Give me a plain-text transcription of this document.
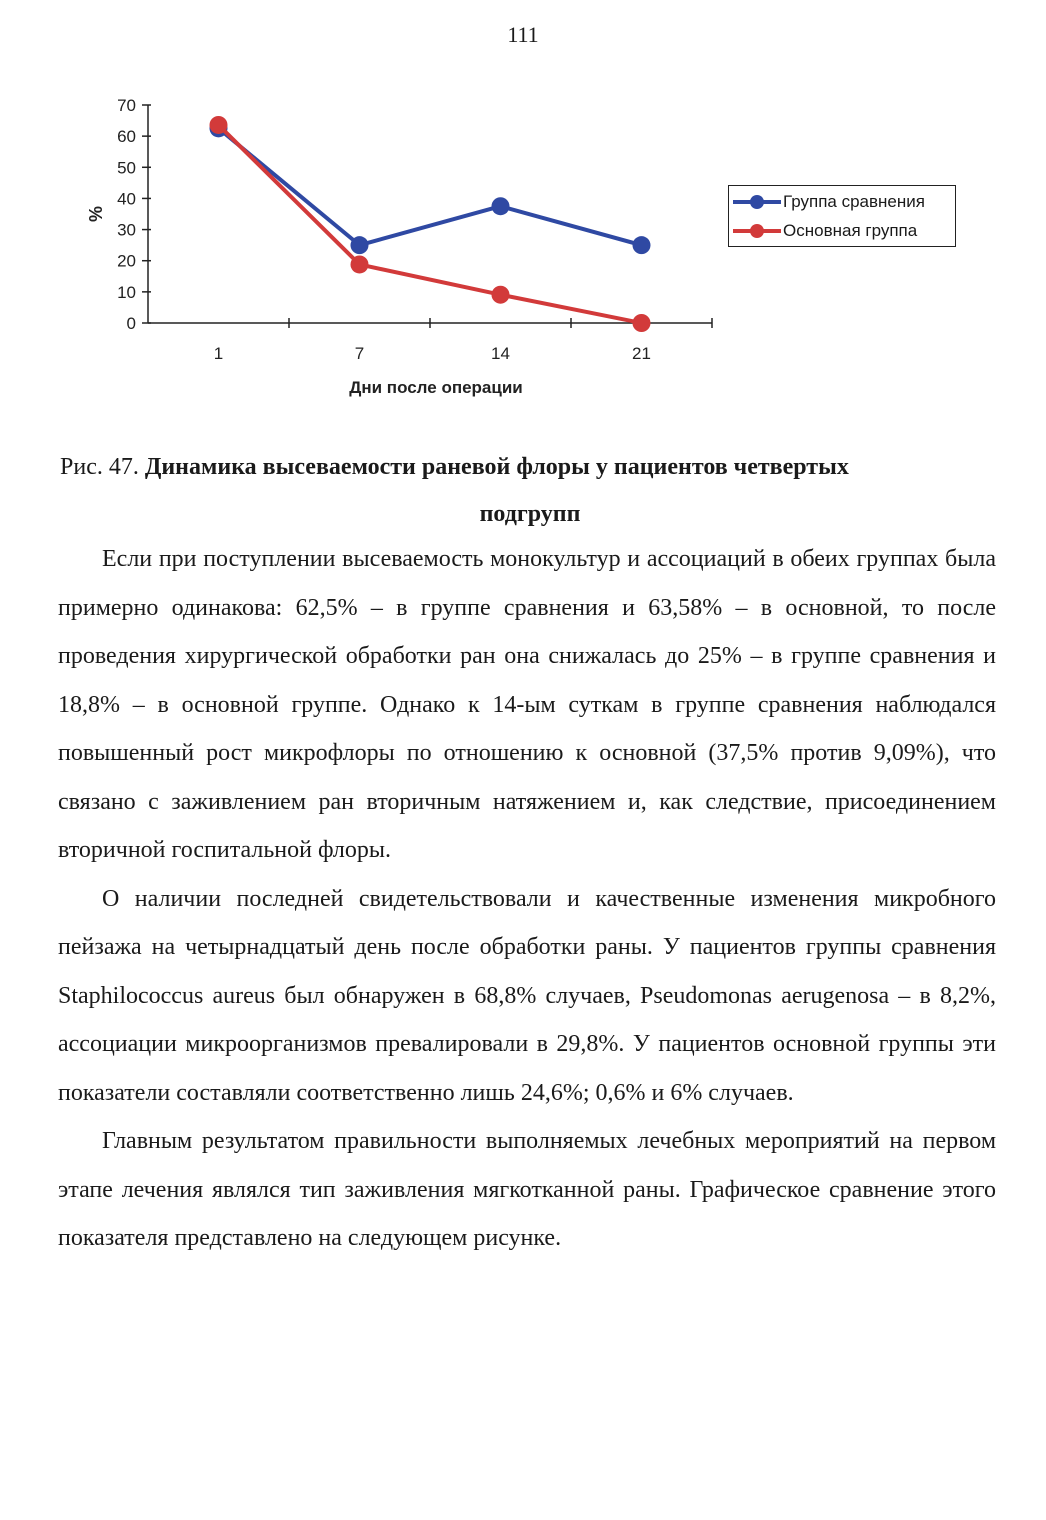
111
0
10
20
30
40
50
60
70
1	7	14	21
Дни после операции
%
Группа сравнения
Основная группа
Рис. 47. Динамика высеваемости раневой флоры у пациентов четвертых
подгрупп

Если при поступлении высеваемость монокультур и ассоциаций в обеих группах была примерно одинакова: 62,5% – в группе сравнения и 63,58% – в основной, то после проведения хирургической обработки ран она снижалась до 25% – в группе сравнения и 18,8% – в основной группе. Однако к 14-ым суткам в группе сравнения наблюдался повышенный рост микрофлоры по отношению к основной (37,5% против 9,09%), что связано с заживлением ран вторичным натяжением и, как следствие, присоединением вторичной госпитальной флоры.

О наличии последней свидетельствовали и качественные изменения микробного пейзажа на четырнадцатый день после обработки раны. У пациентов группы сравнения Staphilococcus aureus был обнаружен в 68,8% случаев, Pseudomonas aerugenosa – в 8,2%, ассоциации микроорганизмов превалировали в 29,8%. У пациентов основной группы эти показатели составляли соответственно лишь 24,6%; 0,6% и 6% случаев.

Главным результатом правильности выполняемых лечебных мероприятий на первом этапе лечения являлся тип заживления мягкотканной раны. Графическое сравнение этого показателя представлено на следующем рисунке.
